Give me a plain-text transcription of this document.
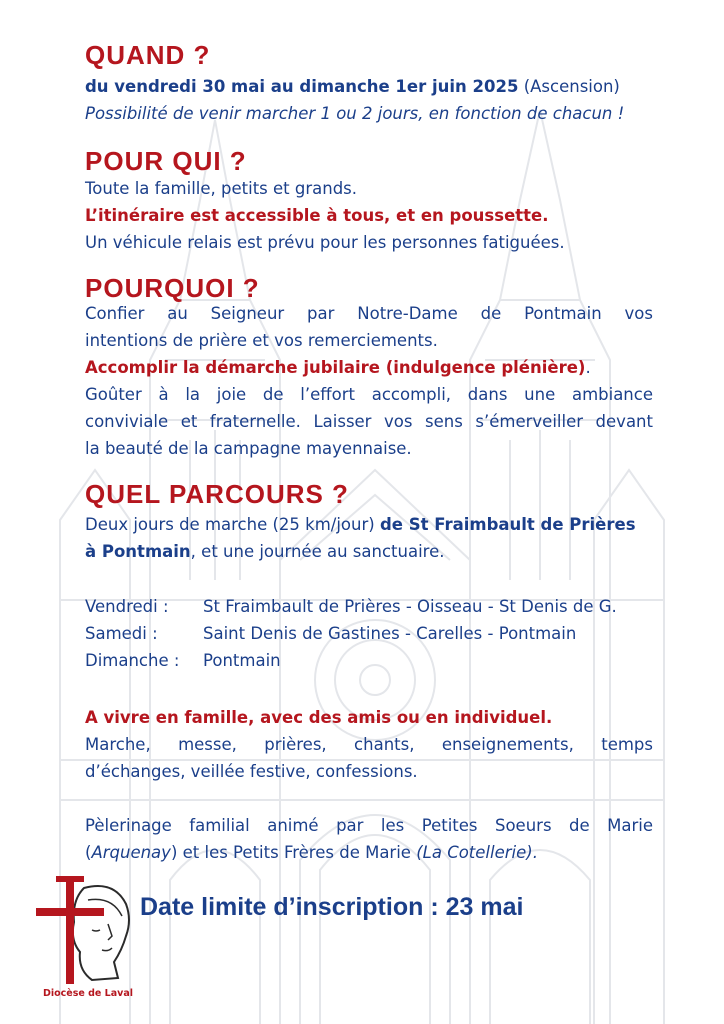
QUAND ?
du vendredi 30 mai au dimanche 1er juin 2025 (Ascension)
Possibilité de venir marcher 1 ou 2 jours, en fonction de chacun !
POUR QUI ?
Toute la famille, petits et grands.
L’itinéraire est accessible à tous, et en poussette.
Un véhicule relais est prévu pour les personnes fatiguées.
POURQUOI ?
Confier au Seigneur par Notre-Dame de Pontmain vos
intentions de prière et vos remerciements.
Accomplir la démarche jubilaire (indulgence plénière).
Goûter à la joie de l’effort accompli, dans une ambiance
conviviale et fraternelle. Laisser vos sens s’émerveiller devant
la beauté de la campagne mayennaise.
QUEL PARCOURS ?
Deux jours de marche (25 km/jour) de St Fraimbault de Prières
à Pontmain, et une journée au sanctuaire.
Vendredi : St Fraimbault de Prières - Oisseau - St Denis de G.
Samedi :	Saint Denis de Gastines - Carelles - Pontmain
Dimanche : Pontmain
A vivre en famille, avec des amis ou en individuel.
Marche, messe, prières, chants, enseignements, temps
d’échanges, veillée festive, confessions.
Pèlerinage familial animé par les Petites Soeurs de Marie
(Arquenay) et les Petits Frères de Marie (La Cotellerie).
Diocèse de Laval
Date limite d’inscription : 23 mai
